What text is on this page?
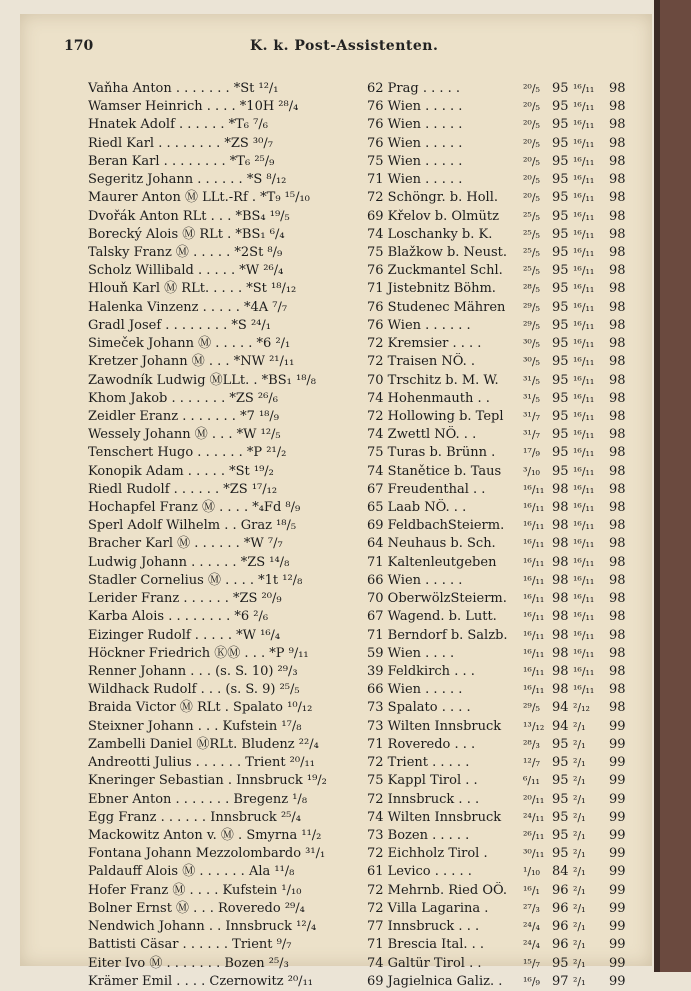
170	K. k. Post-Assistenten.
Vaňha Anton . . . . . . . *St ¹²/₁	62 Prag . . . . .	²⁰/₅ 95 ¹⁶/₁₁ 98
Wamser Heinrich . . . . *10H ²⁸/₄	76 Wien . . . . .	²⁰/₅ 95 ¹⁶/₁₁ 98
Hnatek Adolf . . . . . . *T₆ ⁷/₆	76 Wien . . . . .	²⁰/₅ 95 ¹⁶/₁₁ 98
Riedl Karl . . . . . . . . *ZS ³⁰/₇	76 Wien . . . . .	²⁰/₅ 95 ¹⁶/₁₁ 98
Beran Karl . . . . . . . . *T₆ ²⁵/₉	75 Wien . . . . .	²⁰/₅ 95 ¹⁶/₁₁ 98
Segeritz Johann . . . . . . *S ⁸/₁₂	71 Wien . . . . .	²⁰/₅ 95 ¹⁶/₁₁ 98
Maurer Anton Ⓜ LLt.-Rf . *T₉ ¹⁵/₁₀	72 Schöngr. b. Holl.	²⁰/₅ 95 ¹⁶/₁₁ 98
Dvořák Anton RLt . . . *BS₄ ¹⁹/₅	69 Křelov b. Olmütz	²⁵/₅ 95 ¹⁶/₁₁ 98
Borecký Alois Ⓜ RLt . *BS₁ ⁶/₄	74 Loschanky b. K.	²⁵/₅ 95 ¹⁶/₁₁ 98
Talsky Franz Ⓜ . . . . . *2St ⁸/₉	75 Blažkow b. Neust.	²⁵/₅ 95 ¹⁶/₁₁ 98
Scholz Willibald . . . . . *W ²⁶/₄	76 Zuckmantel Schl.	²⁵/₅ 95 ¹⁶/₁₁ 98
Hlouň Karl Ⓜ RLt. . . . . *St ¹⁸/₁₂	71 Jistebnitz Böhm.	²⁸/₅ 95 ¹⁶/₁₁ 98
Halenka Vinzenz . . . . . *4A ⁷/₇	76 Studenec Mähren	²⁹/₅ 95 ¹⁶/₁₁ 98
Gradl Josef . . . . . . . . *S ²⁴/₁	76 Wien . . . . . .	²⁹/₅ 95 ¹⁶/₁₁ 98
Simeček Johann Ⓜ . . . . . *6 ²/₁	72 Kremsier . . . .	³⁰/₅ 95 ¹⁶/₁₁ 98
Kretzer Johann Ⓜ . . . *NW ²¹/₁₁	72 Traisen NÖ. .	³⁰/₅ 95 ¹⁶/₁₁ 98
Zawodník Ludwig ⓂLLt. . *BS₁ ¹⁸/₈	70 Trschitz b. M. W.	³¹/₅ 95 ¹⁶/₁₁ 98
Khom Jakob . . . . . . . *ZS ²⁶/₆	74 Hohenmauth . .	³¹/₅ 95 ¹⁶/₁₁ 98
Zeidler Eranz . . . . . . . *7 ¹⁸/₉	72 Hollowing b. Tepl	³¹/₇ 95 ¹⁶/₁₁ 98
Wessely Johann Ⓜ . . . *W ¹²/₅	74 Zwettl NÖ. . .	³¹/₇ 95 ¹⁶/₁₁ 98
Tenschert Hugo . . . . . . *P ²¹/₂	75 Turas b. Brünn .	¹⁷/₉ 95 ¹⁶/₁₁ 98
Konopik Adam . . . . . *St ¹⁹/₂	74 Stanětice b. Taus	³/₁₀ 95 ¹⁶/₁₁ 98
Riedl Rudolf . . . . . . *ZS ¹⁷/₁₂	67 Freudenthal . .	¹⁶/₁₁ 98 ¹⁶/₁₁ 98
Hochapfel Franz Ⓜ . . . . *₄Fd ⁸/₉	65 Laab NÖ. . .	¹⁶/₁₁ 98 ¹⁶/₁₁ 98
Sperl Adolf Wilhelm . . Graz ¹⁸/₅	69 FeldbachSteierm.	¹⁶/₁₁ 98 ¹⁶/₁₁ 98
Bracher Karl Ⓜ . . . . . . *W ⁷/₇	64 Neuhaus b. Sch.	¹⁶/₁₁ 98 ¹⁶/₁₁ 98
Ludwig Johann . . . . . . *ZS ¹⁴/₈	71 Kaltenleutgeben	¹⁶/₁₁ 98 ¹⁶/₁₁ 98
Stadler Cornelius Ⓜ . . . . *1t ¹²/₈	66 Wien . . . . .	¹⁶/₁₁ 98 ¹⁶/₁₁ 98
Lerider Franz . . . . . . *ZS ²⁰/₉	70 OberwölzSteierm.	¹⁶/₁₁ 98 ¹⁶/₁₁ 98
Karba Alois . . . . . . . . *6 ²/₆	67 Wagend. b. Lutt.	¹⁶/₁₁ 98 ¹⁶/₁₁ 98
Eizinger Rudolf . . . . . *W ¹⁶/₄	71 Berndorf b. Salzb.	¹⁶/₁₁ 98 ¹⁶/₁₁ 98
Höckner Friedrich ⓀⓂ . . . *P ⁹/₁₁	59 Wien . . . .	¹⁶/₁₁ 98 ¹⁶/₁₁ 98
Renner Johann . . . (s. S. 10) ²⁹/₃	39 Feldkirch . . .	¹⁶/₁₁ 98 ¹⁶/₁₁ 98
Wildhack Rudolf . . . (s. S. 9) ²⁵/₅	66 Wien . . . . .	¹⁶/₁₁ 98 ¹⁶/₁₁ 98
Braida Victor Ⓜ RLt . Spalato ¹⁰/₁₂	73 Spalato . . . .	²⁹/₅ 94 ²/₁₂ 98
Steixner Johann . . . Kufstein ¹⁷/₈	73 Wilten Innsbruck	¹³/₁₂ 94 ²/₁ 99
Zambelli Daniel ⓂRLt. Bludenz ²²/₄	71 Roveredo . . .	²⁸/₃ 95 ²/₁ 99
Andreotti Julius . . . . . . Trient ²⁰/₁₁	72 Trient . . . . .	¹²/₇ 95 ²/₁ 99
Kneringer Sebastian . Innsbruck ¹⁹/₂	75 Kappl Tirol . .	⁶/₁₁ 95 ²/₁ 99
Ebner Anton . . . . . . . Bregenz ¹/₈	72 Innsbruck . . .	²⁰/₁₁ 95 ²/₁ 99
Egg Franz . . . . . . Innsbruck ²⁵/₄	74 Wilten Innsbruck	²⁴/₁₁ 95 ²/₁ 99
Mackowitz Anton v. Ⓜ . Smyrna ¹¹/₂	73 Bozen . . . . .	²⁶/₁₁ 95 ²/₁ 99
Fontana Johann Mezzolombardo ³¹/₁	72 Eichholz Tirol .	³⁰/₁₁ 95 ²/₁ 99
Paldauff Alois Ⓜ . . . . . . Ala ¹¹/₈	61 Levico . . . . .	¹/₁₀ 84 ²/₁ 99
Hofer Franz Ⓜ . . . . Kufstein ¹/₁₀	72 Mehrnb. Ried OÖ.	¹⁶/₁ 96 ²/₁ 99
Bolner Ernst Ⓜ . . . Roveredo ²⁹/₄	72 Villa Lagarina .	²⁷/₃ 96 ²/₁ 99
Nendwich Johann . . Innsbruck ¹²/₄	77 Innsbruck . . .	²⁴/₄ 96 ²/₁ 99
Battisti Cäsar . . . . . . Trient ⁹/₇	71 Brescia Ital. . .	²⁴/₄ 96 ²/₁ 99
Eiter Ivo Ⓜ . . . . . . . Bozen ²⁵/₃	74 Galtür Tirol . .	¹⁵/₇ 95 ²/₁ 99
Krämer Emil . . . . Czernowitz ²⁰/₁₁	69 Jagielnica Galiz. .	¹⁶/₉ 97 ²/₁ 99
